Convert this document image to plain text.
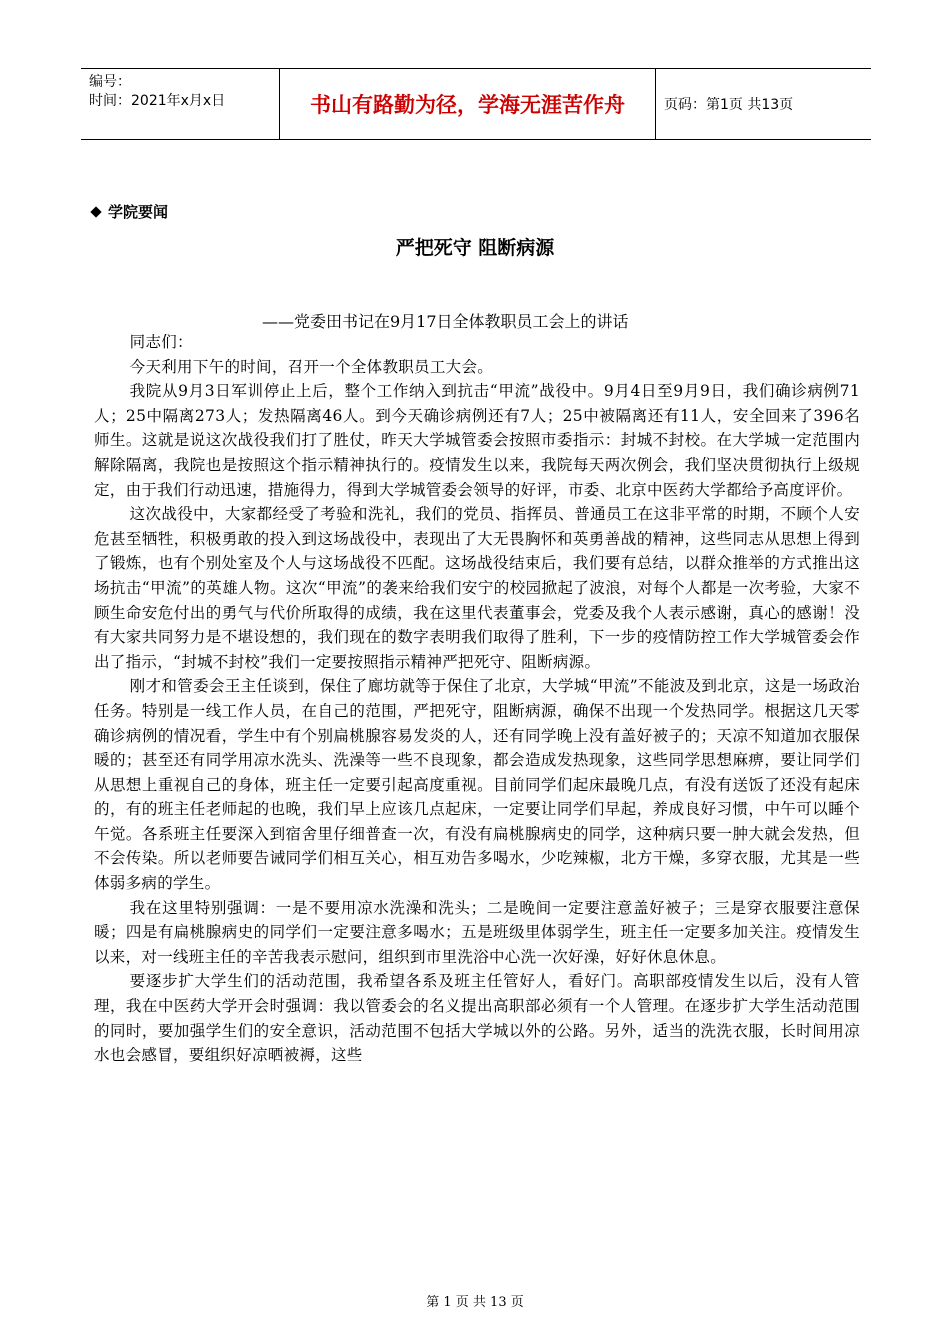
编号：
时间：2021年x月x日	书山有路勤为径，学海无涯苦作舟	页码：第1页 共13页
学院要闻
严把死守 阻断病源
——党委田书记在9月17日全体教职员工会上的讲话

同志们：

今天利用下午的时间，召开一个全体教职员工大会。

我院从9月3日军训停止上后，整个工作纳入到抗击“甲流”战役中。9月4日至9月9日，我们确诊病例71人；25中隔离273人；发热隔离46人。到今天确诊病例还有7人；25中被隔离还有11人，安全回来了396名师生。这就是说这次战役我们打了胜仗，昨天大学城管委会按照市委指示：封城不封校。在大学城一定范围内解除隔离，我院也是按照这个指示精神执行的。疫情发生以来，我院每天两次例会，我们坚决贯彻执行上级规定，由于我们行动迅速，措施得力，得到大学城管委会领导的好评，市委、北京中医药大学都给予高度评价。

这次战役中，大家都经受了考验和洗礼，我们的党员、指挥员、普通员工在这非平常的时期，不顾个人安危甚至牺牲，积极勇敢的投入到这场战役中，表现出了大无畏胸怀和英勇善战的精神，这些同志从思想上得到了锻炼，也有个别处室及个人与这场战役不匹配。这场战役结束后，我们要有总结，以群众推举的方式推出这场抗击“甲流”的英雄人物。这次“甲流”的袭来给我们安宁的校园掀起了波浪，对每个人都是一次考验，大家不顾生命安危付出的勇气与代价所取得的成绩，我在这里代表董事会，党委及我个人表示感谢，真心的感谢！没有大家共同努力是不堪设想的，我们现在的数字表明我们取得了胜利，下一步的疫情防控工作大学城管委会作出了指示，“封城不封校”我们一定要按照指示精神严把死守、阻断病源。

刚才和管委会王主任谈到，保住了廊坊就等于保住了北京，大学城“甲流”不能波及到北京，这是一场政治任务。特别是一线工作人员，在自己的范围，严把死守，阻断病源，确保不出现一个发热同学。根据这几天零确诊病例的情况看，学生中有个别扁桃腺容易发炎的人，还有同学晚上没有盖好被子的；天凉不知道加衣服保暖的；甚至还有同学用凉水洗头、洗澡等一些不良现象，都会造成发热现象，这些同学思想麻痹，要让同学们从思想上重视自己的身体，班主任一定要引起高度重视。目前同学们起床最晚几点，有没有送饭了还没有起床的，有的班主任老师起的也晚，我们早上应该几点起床，一定要让同学们早起，养成良好习惯，中午可以睡个午觉。各系班主任要深入到宿舍里仔细普查一次，有没有扁桃腺病史的同学，这种病只要一肿大就会发热，但不会传染。所以老师要告诫同学们相互关心，相互劝告多喝水，少吃辣椒，北方干燥，多穿衣服，尤其是一些体弱多病的学生。

我在这里特别强调：一是不要用凉水洗澡和洗头；二是晚间一定要注意盖好被子；三是穿衣服要注意保暖；四是有扁桃腺病史的同学们一定要注意多喝水；五是班级里体弱学生，班主任一定要多加关注。疫情发生以来，对一线班主任的辛苦我表示慰问，组织到市里洗浴中心洗一次好澡，好好休息休息。

要逐步扩大学生们的活动范围，我希望各系及班主任管好人，看好门。高职部疫情发生以后，没有人管理，我在中医药大学开会时强调：我以管委会的名义提出高职部必须有一个人管理。在逐步扩大学生活动范围的同时，要加强学生们的安全意识，活动范围不包括大学城以外的公路。另外，适当的洗洗衣服，长时间用凉水也会感冒，要组织好凉晒被褥，这些

第 1 页 共 13 页
